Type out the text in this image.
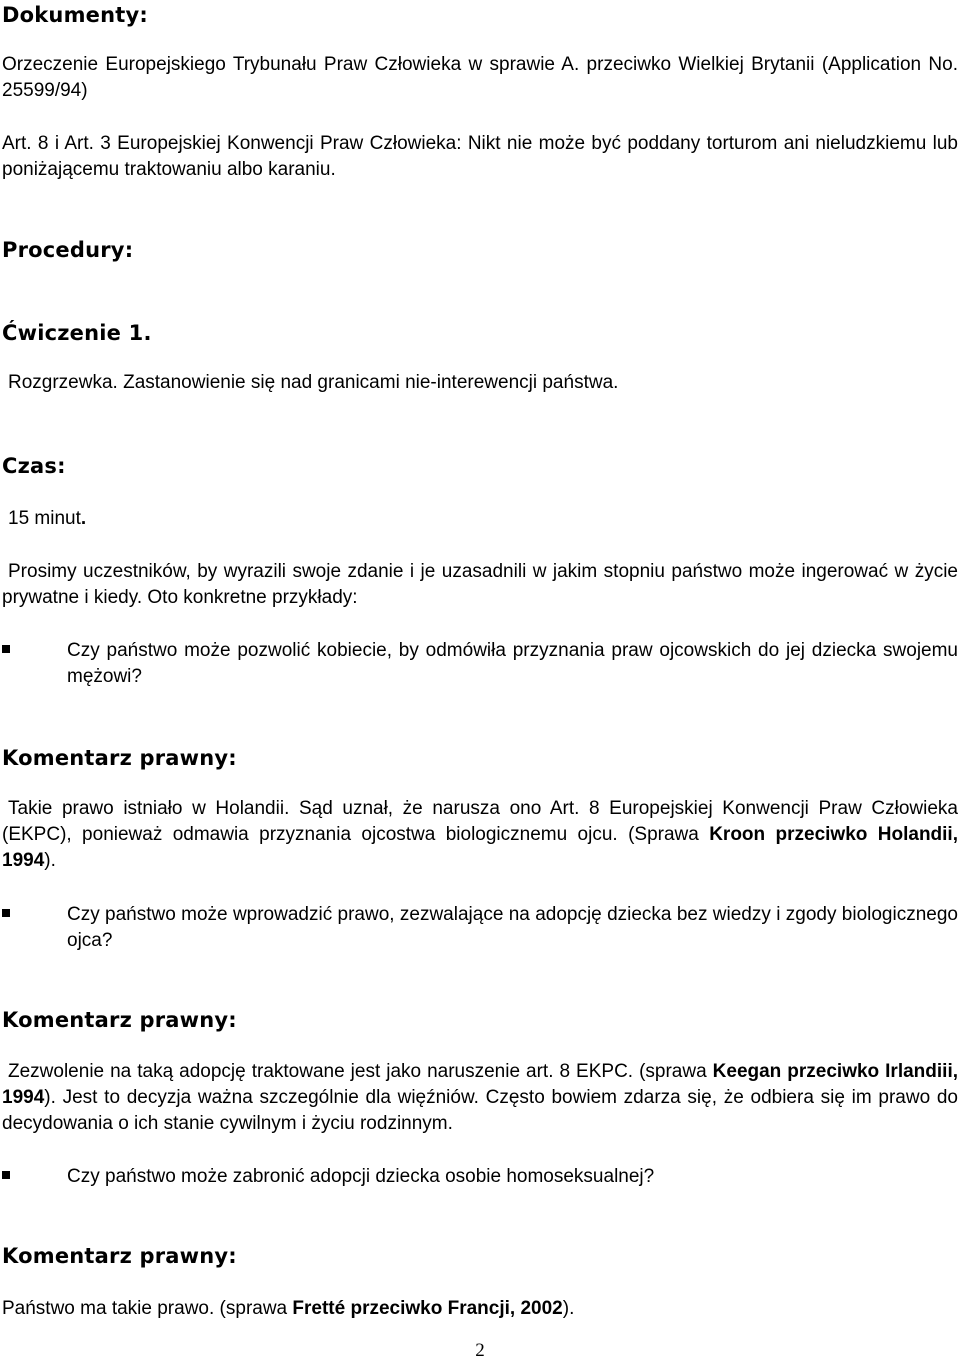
Dokumenty:

Orzeczenie Europejskiego Trybunału Praw Człowieka w sprawie A. przeciwko Wielkiej Brytanii (Application No. 25599/94)

Art. 8 i Art. 3 Europejskiej Konwencji Praw Człowieka: Nikt nie może być poddany torturom ani nieludzkiemu lub poniżającemu traktowaniu albo karaniu.

Procedury:

Ćwiczenie 1.

Rozgrzewka. Zastanowienie się nad granicami nie-interewencji państwa.

Czas:

15 minut.

Prosimy uczestników, by wyrazili swoje zdanie i je uzasadnili w jakim stopniu państwo może ingerować w życie prywatne i kiedy. Oto konkretne przykłady:

Czy państwo może pozwolić kobiecie, by odmówiła przyznania praw ojcowskich do jej dziecka swojemu mężowi?

Komentarz prawny:

Takie prawo istniało w Holandii. Sąd uznał, że narusza ono Art. 8 Europejskiej Konwencji Praw Człowieka (EKPC), ponieważ odmawia przyznania ojcostwa biologicznemu ojcu. (Sprawa Kroon przeciwko Holandii, 1994).

Czy państwo może wprowadzić prawo, zezwalające na adopcję dziecka bez wiedzy i zgody biologicznego ojca?

Komentarz prawny:

Zezwolenie na taką adopcję traktowane jest jako naruszenie art. 8 EKPC. (sprawa Keegan przeciwko Irlandiii, 1994). Jest to decyzja ważna szczególnie dla więźniów. Często bowiem zdarza się, że odbiera się im prawo do decydowania o ich stanie cywilnym i życiu rodzinnym.

Czy państwo może zabronić adopcji dziecka osobie homoseksualnej?

Komentarz prawny:

Państwo ma takie prawo. (sprawa Fretté przeciwko Francji, 2002).

2
